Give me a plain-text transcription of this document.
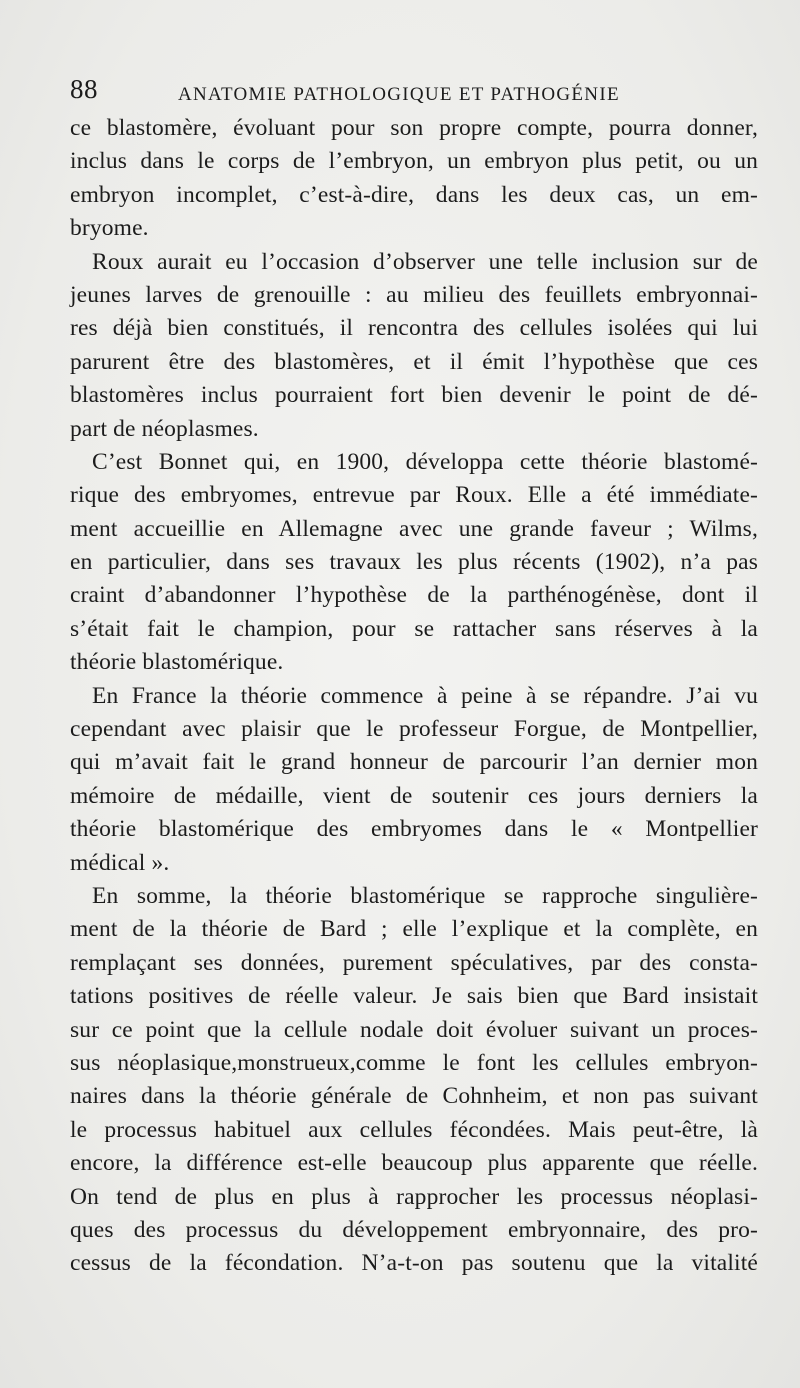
88	ANATOMIE PATHOLOGIQUE ET PATHOGÉNIE
ce blastomère, évoluant pour son propre compte, pourra donner,
inclus dans le corps de l’embryon, un embryon plus petit, ou un
embryon incomplet, c’est-à-dire, dans les deux cas, un em-
bryome.
Roux aurait eu l’occasion d’observer une telle inclusion sur de
jeunes larves de grenouille : au milieu des feuillets embryonnai-
res déjà bien constitués, il rencontra des cellules isolées qui lui
parurent être des blastomères, et il émit l’hypothèse que ces
blastomères inclus pourraient fort bien devenir le point de dé-
part de néoplasmes.
C’est Bonnet qui, en 1900, développa cette théorie blastomé-
rique des embryomes, entrevue par Roux. Elle a été immédiate-
ment accueillie en Allemagne avec une grande faveur ; Wilms,
en particulier, dans ses travaux les plus récents (1902), n’a pas
craint d’abandonner l’hypothèse de la parthénogénèse, dont il
s’était fait le champion, pour se rattacher sans réserves à la
théorie blastomérique.
En France la théorie commence à peine à se répandre. J’ai vu
cependant avec plaisir que le professeur Forgue, de Montpellier,
qui m’avait fait le grand honneur de parcourir l’an dernier mon
mémoire de médaille, vient de soutenir ces jours derniers la
théorie blastomérique des embryomes dans le « Montpellier
médical ».
En somme, la théorie blastomérique se rapproche singulière-
ment de la théorie de Bard ; elle l’explique et la complète, en
remplaçant ses données, purement spéculatives, par des consta-
tations positives de réelle valeur. Je sais bien que Bard insistait
sur ce point que la cellule nodale doit évoluer suivant un proces-
sus néoplasique,monstrueux,comme le font les cellules embryon-
naires dans la théorie générale de Cohnheim, et non pas suivant
le processus habituel aux cellules fécondées. Mais peut-être, là
encore, la différence est-elle beaucoup plus apparente que réelle.
On tend de plus en plus à rapprocher les processus néoplasi-
ques des processus du développement embryonnaire, des pro-
cessus de la fécondation. N’a-t-on pas soutenu que la vitalité
